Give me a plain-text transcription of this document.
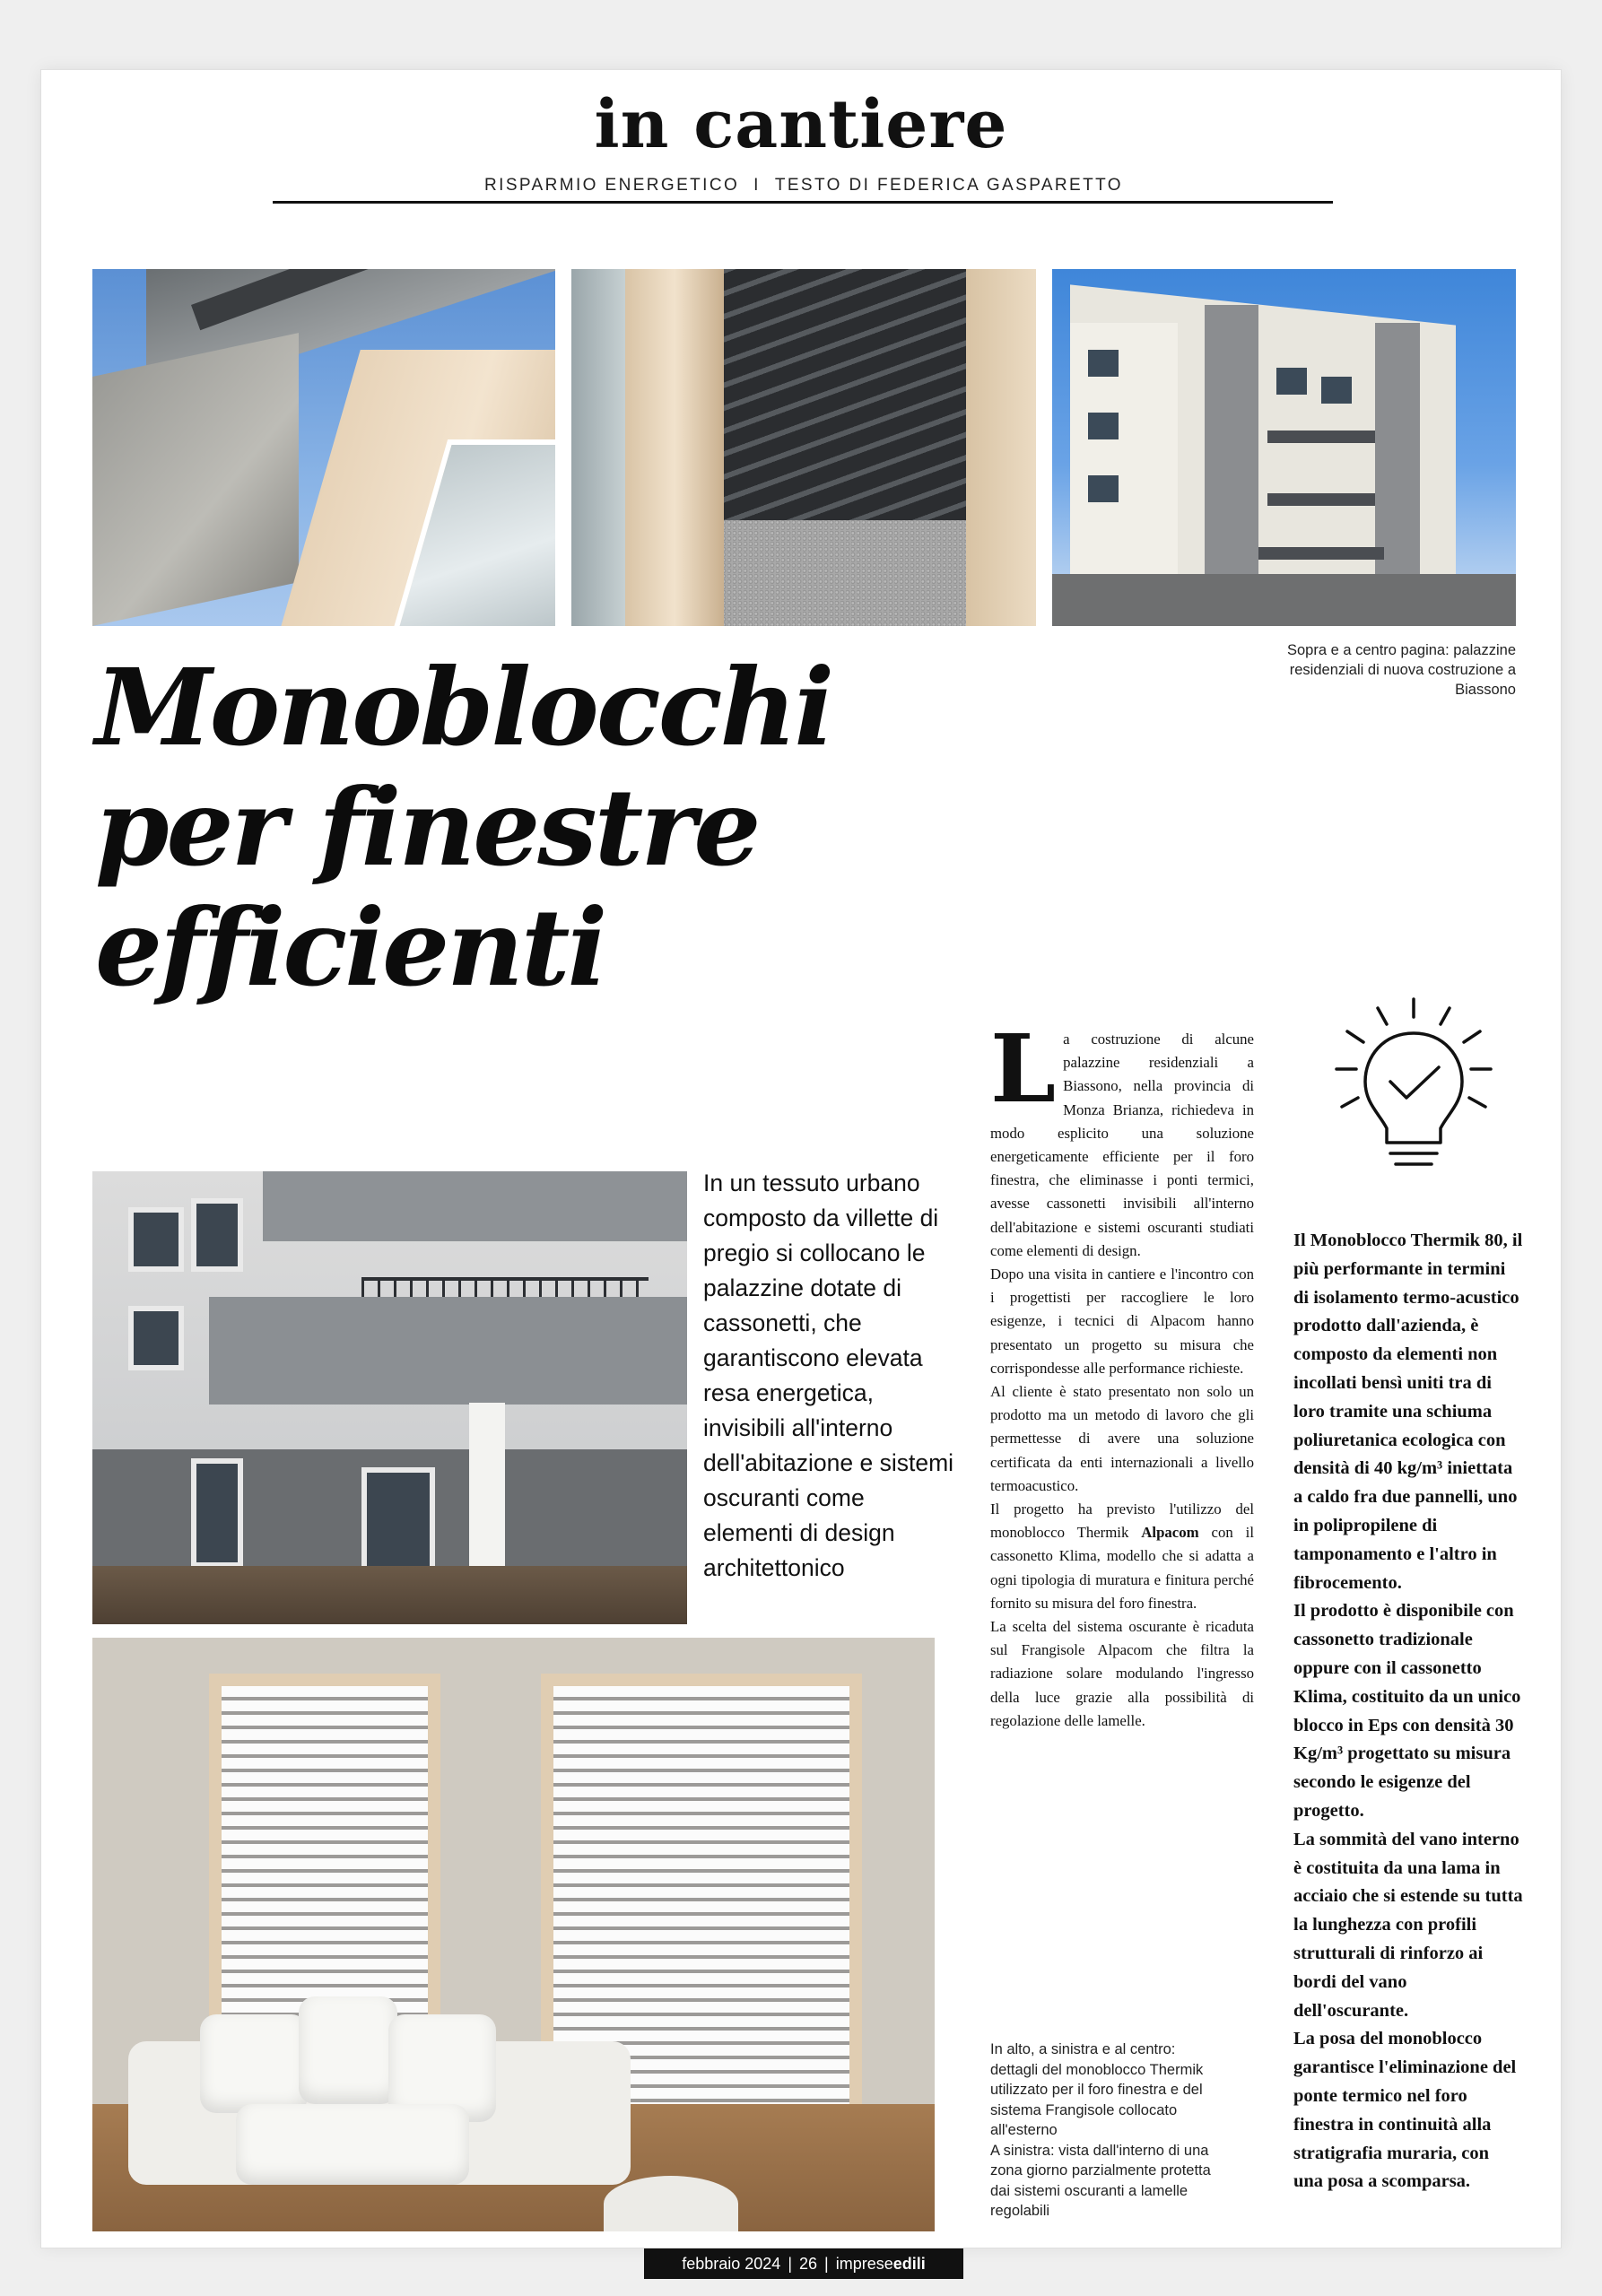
in cantiere
RISPARMIO ENERGETICO I TESTO DI FEDERICA GASPARETTO
Sopra e a centro pagina: palazzine residenziali di nuova costruzione a Biassono
Monoblocchi
per finestre
efficienti
In un tessuto urbano composto da villette di pregio si collocano le palazzine dotate di cassonetti, che garantiscono elevata resa energetica, invisibili all'interno dell'abitazione e sistemi oscuranti come elementi di design architettonico

La costruzione di alcune palazzine residenziali a Biassono, nella provincia di Monza Brianza, richiedeva in modo esplicito una soluzione energeticamente efficiente per il foro finestra, che eliminasse i ponti termici, avesse cassonetti invisibili all'interno dell'abitazione e sistemi oscuranti studiati come elementi di design.

Dopo una visita in cantiere e l'incontro con i progettisti per raccogliere le loro esigenze, i tecnici di Alpacom hanno presentato un progetto su misura che corrispondesse alle performance richieste.

Al cliente è stato presentato non solo un prodotto ma un metodo di lavoro che gli permettesse di avere una soluzione certificata da enti internazionali a livello termoacustico.

Il progetto ha previsto l'utilizzo del monoblocco Thermik Alpacom con il cassonetto Klima, modello che si adatta a ogni tipologia di muratura e finitura perché fornito su misura del foro finestra.

La scelta del sistema oscurante è ricaduta sul Frangisole Alpacom che filtra la radiazione solare modulando l'ingresso della luce grazie alla possibilità di regolazione delle lamelle.

In alto, a sinistra e al centro: dettagli del monoblocco Thermik utilizzato per il foro finestra e del sistema Frangisole collocato all'esterno
A sinistra: vista dall'interno di una zona giorno parzialmente protetta dai sistemi oscuranti a lamelle regolabili
Il Monoblocco Thermik 80, il più performante in termini di isolamento termo-acustico prodotto dall'azienda, è composto da elementi non incollati bensì uniti tra di loro tramite una schiuma poliuretanica ecologica con densità di 40 kg/m³ iniettata a caldo fra due pannelli, uno in polipropilene di tamponamento e l'altro in fibrocemento.
Il prodotto è disponibile con cassonetto tradizionale oppure con il cassonetto Klima, costituito da un unico blocco in Eps con densità 30 Kg/m³ progettato su misura secondo le esigenze del progetto.
La sommità del vano interno è costituita da una lama in acciaio che si estende su tutta la lunghezza con profili strutturali di rinforzo ai bordi del vano dell'oscurante.
La posa del monoblocco garantisce l'eliminazione del ponte termico nel foro finestra in continuità alla stratigrafia muraria, con una posa a scomparsa.
febbraio 2024 | 26 | impreseedili
